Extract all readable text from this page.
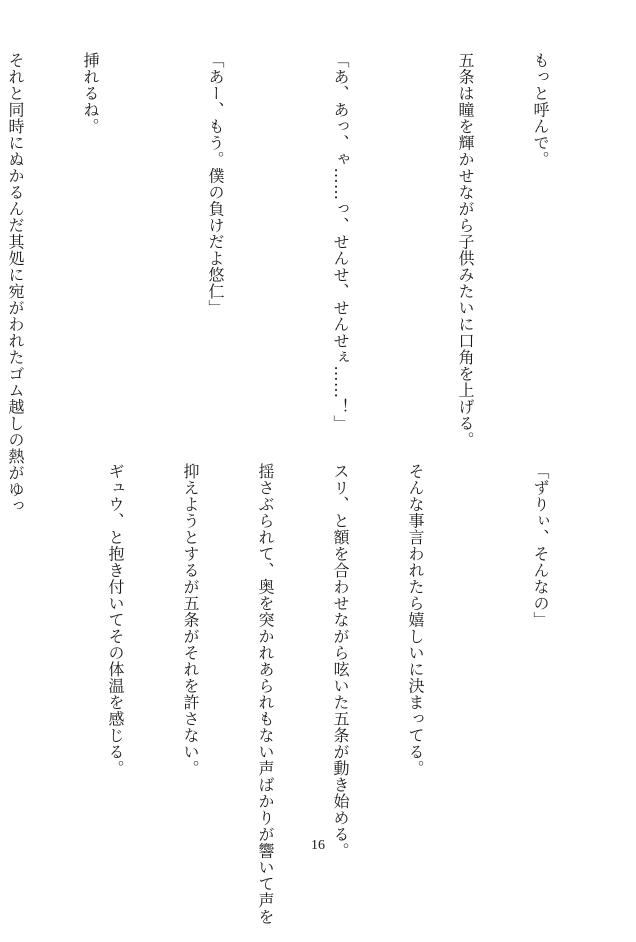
もっと呼んで。

五条は瞳を輝かせながら子供みたいに口角を上げる。

「あ、あっ、ゃ……っ、せんせ、せんせぇ……！」

「あー、もう。僕の負けだよ悠仁」

挿れるね。

それと同時にぬかるんだ其処に宛がわれたゴム越しの熱がゆっ

「ずりぃ、そんなの」

そんな事言われたら嬉しいに決まってる。

スリ、と額を合わせながら呟いた五条が動き始める。

揺さぶられて、奥を突かれあられもない声ばかりが響いて声を

抑えようとするが五条がそれを許さない。

ギュウ、と抱き付いてその体温を感じる。

16
